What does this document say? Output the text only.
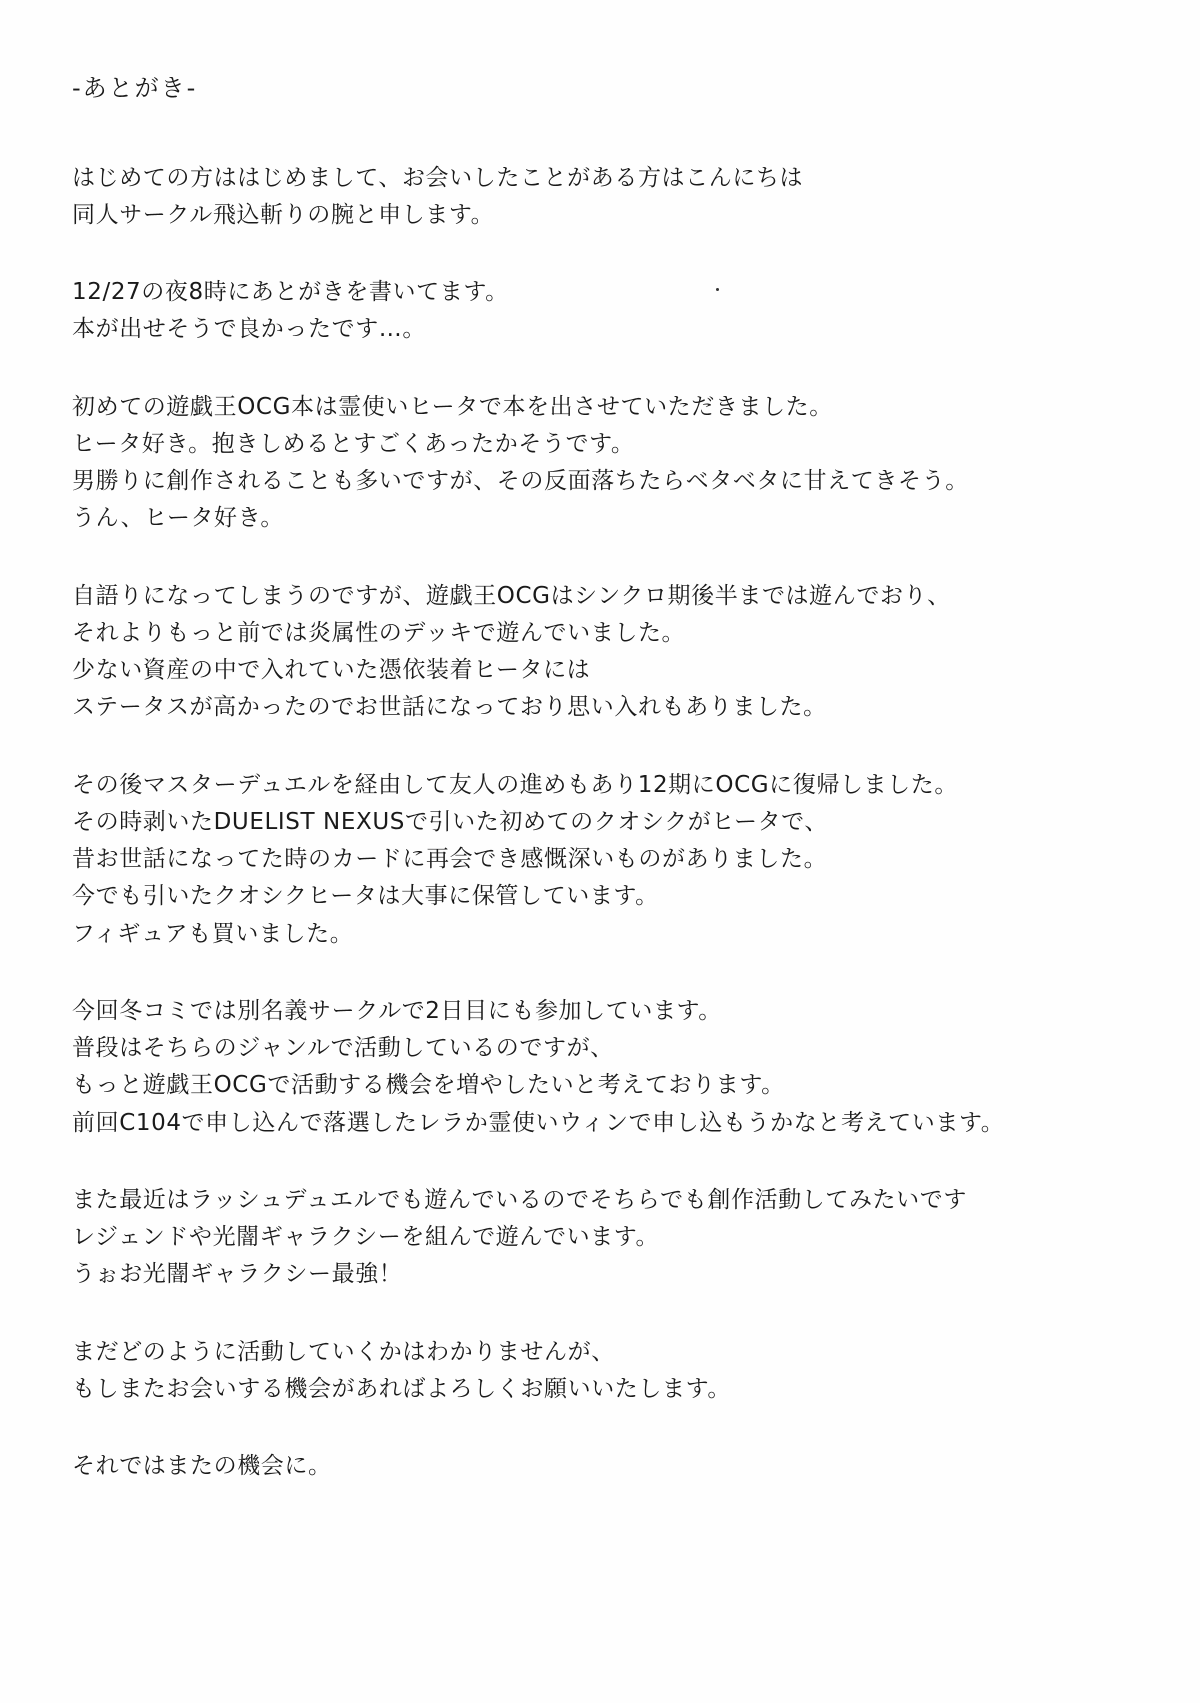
-あとがき-
はじめての方ははじめまして、お会いしたことがある方はこんにちは
同人サークル飛込斬りの腕と申します。
12/27の夜8時にあとがきを書いてます。
本が出せそうで良かったです…。
初めての遊戯王OCG本は霊使いヒータで本を出させていただきました。
ヒータ好き。抱きしめるとすごくあったかそうです。
男勝りに創作されることも多いですが、その反面落ちたらベタベタに甘えてきそう。
うん、ヒータ好き。
自語りになってしまうのですが、遊戯王OCGはシンクロ期後半までは遊んでおり、
それよりもっと前では炎属性のデッキで遊んでいました。
少ない資産の中で入れていた憑依装着ヒータには
ステータスが高かったのでお世話になっており思い入れもありました。
その後マスターデュエルを経由して友人の進めもあり12期にOCGに復帰しました。
その時剥いたDUELIST NEXUSで引いた初めてのクオシクがヒータで、
昔お世話になってた時のカードに再会でき感慨深いものがありました。
今でも引いたクオシクヒータは大事に保管しています。
フィギュアも買いました。
今回冬コミでは別名義サークルで2日目にも参加しています。
普段はそちらのジャンルで活動しているのですが、
もっと遊戯王OCGで活動する機会を増やしたいと考えております。
前回C104で申し込んで落選したレラか霊使いウィンで申し込もうかなと考えています。
また最近はラッシュデュエルでも遊んでいるのでそちらでも創作活動してみたいです
レジェンドや光闇ギャラクシーを組んで遊んでいます。
うぉお光闇ギャラクシー最強！
まだどのように活動していくかはわかりませんが、
もしまたお会いする機会があればよろしくお願いいたします。
それではまたの機会に。
